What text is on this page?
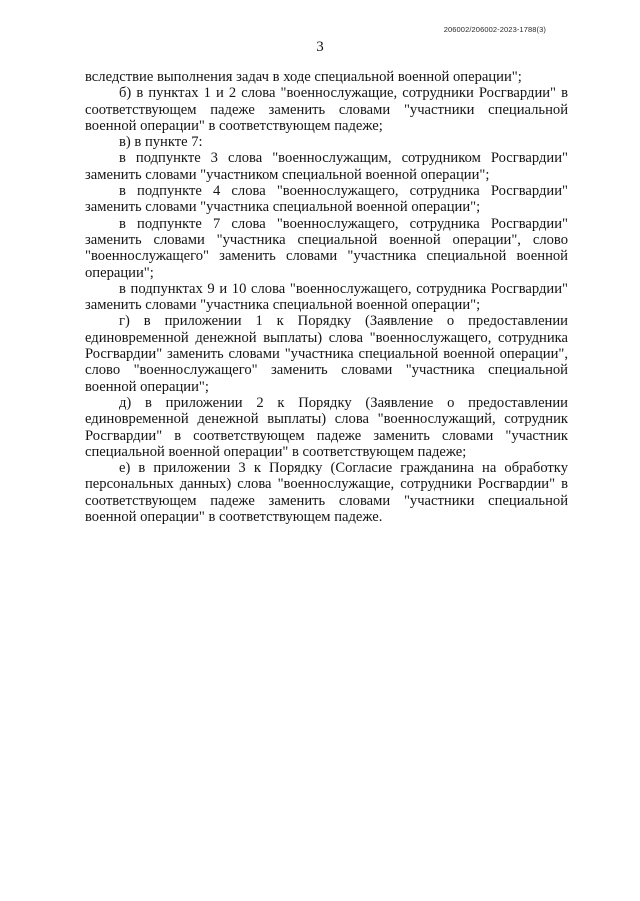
206002/206002-2023-1788(3)
3

вследствие выполнения задач в ходе специальной военной операции";

б) в пунктах 1 и 2 слова "военнослужащие, сотрудники Росгвардии" в соответствующем падеже заменить словами "участники специальной военной операции" в соответствующем падеже;

в) в пункте 7:

в подпункте 3 слова "военнослужащим, сотрудником Росгвардии" заменить словами "участником специальной военной операции";

в подпункте 4 слова "военнослужащего, сотрудника Росгвардии" заменить словами "участника специальной военной операции";

в подпункте 7 слова "военнослужащего, сотрудника Росгвардии" заменить словами "участника специальной военной операции", слово "военнослужащего" заменить словами "участника специальной военной операции";

в подпунктах 9 и 10 слова "военнослужащего, сотрудника Росгвардии" заменить словами "участника специальной военной операции";

г) в приложении 1 к Порядку (Заявление о предоставлении единовременной денежной выплаты) слова "военнослужащего, сотрудника Росгвардии" заменить словами "участника специальной военной операции", слово "военнослужащего" заменить словами "участника специальной военной операции";

д) в приложении 2 к Порядку (Заявление о предоставлении единовременной денежной выплаты) слова "военнослужащий, сотрудник Росгвардии" в соответствующем падеже заменить словами "участник специальной военной операции" в соответствующем падеже;

е) в приложении 3 к Порядку (Согласие гражданина на обработку персональных данных) слова "военнослужащие, сотрудники Росгвардии" в соответствующем падеже заменить словами "участники специальной военной операции" в соответствующем падеже.
